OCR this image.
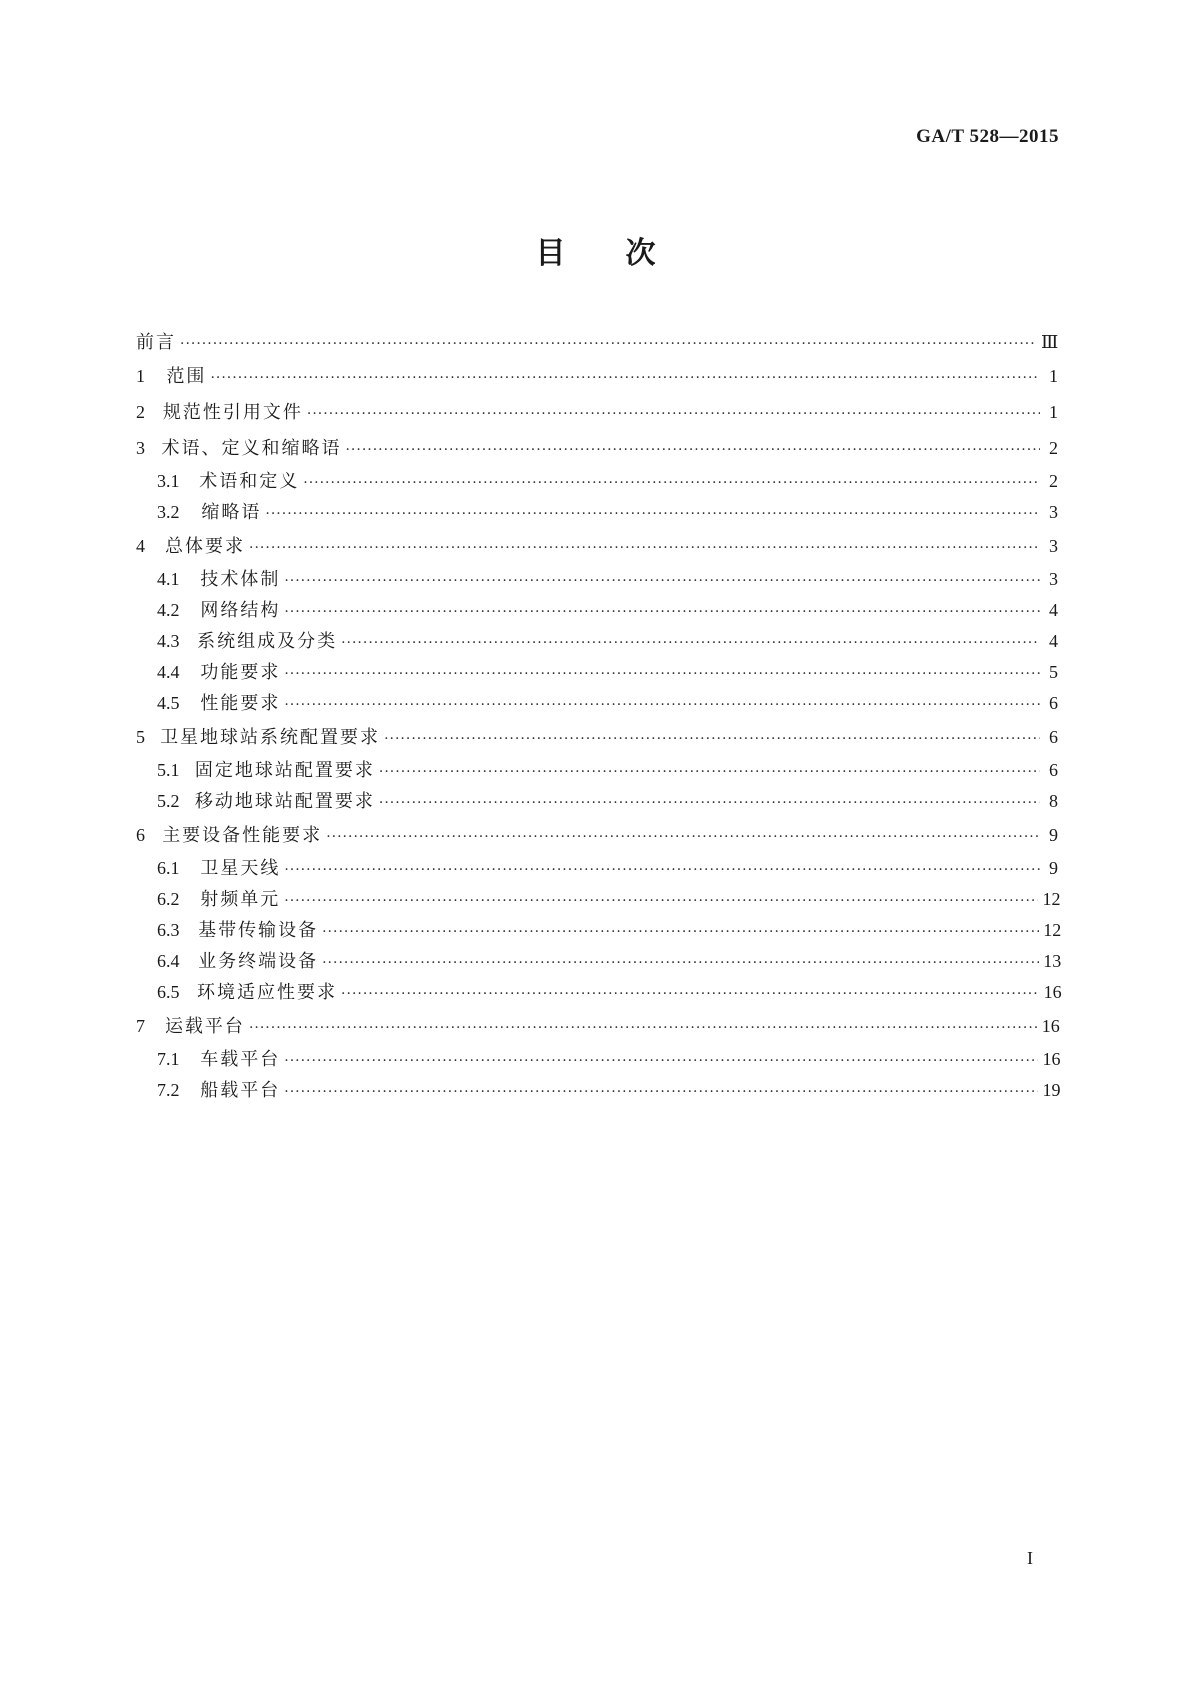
GA/T 528—2015
目 次
前言 ·····	Ⅲ
1	范围 ·····	1
2 规范性引用文件 ·····	1
3 术语、定义和缩略语 ·····	2
3.1	术语和定义 ·····	2
3.2	缩略语 ·····	3
4	总体要求 ·····	3
4.1	技术体制 ·····	3
4.2	网络结构 ·····	4
4.3 系统组成及分类 ·····	4
4.4	功能要求 ·····	5
4.5	性能要求 ·····	6
5 卫星地球站系统配置要求 ·····	6
5.1 固定地球站配置要求 ·····	6
5.2 移动地球站配置要求 ·····	8
6 主要设备性能要求 ·····	9
6.1	卫星天线 ·····	9
6.2	射频单元 ·····	12
6.3	基带传输设备 ·····	12
6.4	业务终端设备 ·····	13
6.5 环境适应性要求 ·····	16
7	运载平台 ·····	16
7.1	车载平台 ·····	16
7.2	船载平台 ·····	19
I
